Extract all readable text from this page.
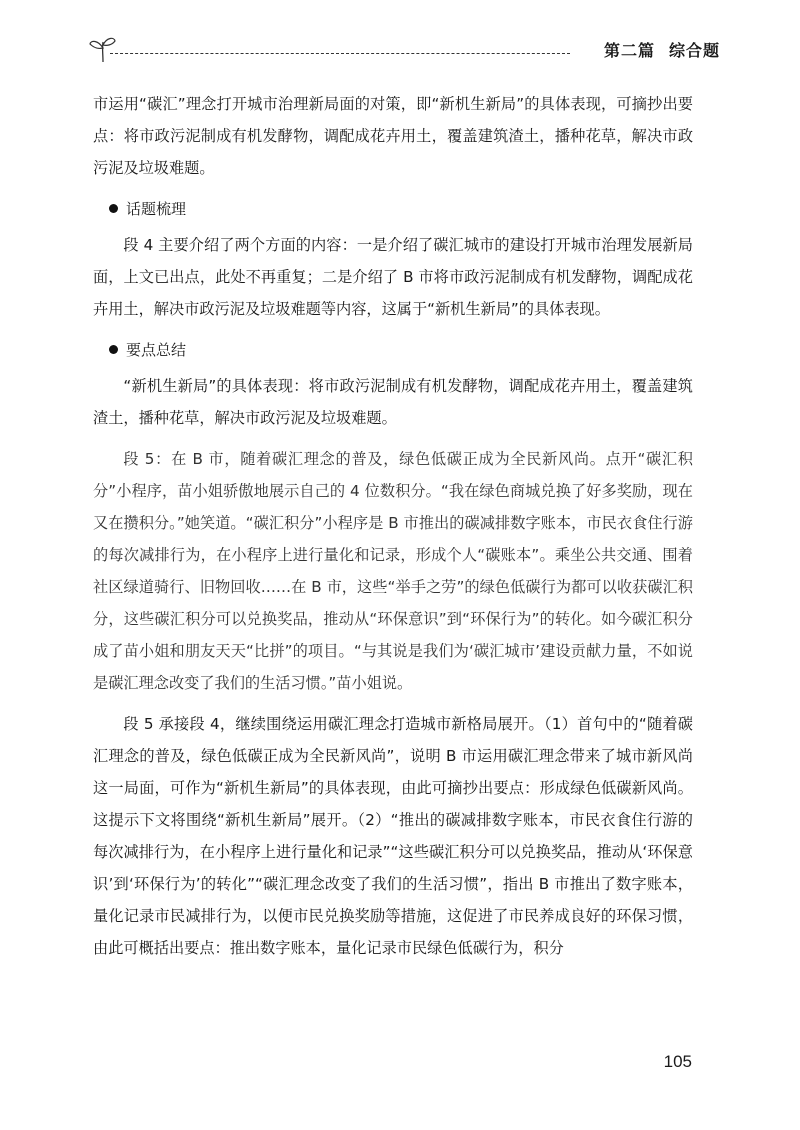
第二篇 综合题

市运用“碳汇”理念打开城市治理新局面的对策，即“新机生新局”的具体表现，可摘抄出要点：将市政污泥制成有机发酵物，调配成花卉用土，覆盖建筑渣土，播种花草，解决市政污泥及垃圾难题。

话题梳理

段 4 主要介绍了两个方面的内容：一是介绍了碳汇城市的建设打开城市治理发展新局面，上文已出点，此处不再重复；二是介绍了 B 市将市政污泥制成有机发酵物，调配成花卉用土，解决市政污泥及垃圾难题等内容，这属于“新机生新局”的具体表现。

要点总结

“新机生新局”的具体表现：将市政污泥制成有机发酵物，调配成花卉用土，覆盖建筑渣土，播种花草，解决市政污泥及垃圾难题。

段 5：在 B 市，随着碳汇理念的普及，绿色低碳正成为全民新风尚。点开“碳汇积分”小程序，苗小姐骄傲地展示自己的 4 位数积分。“我在绿色商城兑换了好多奖励，现在又在攒积分。”她笑道。“碳汇积分”小程序是 B 市推出的碳减排数字账本，市民衣食住行游的每次减排行为，在小程序上进行量化和记录，形成个人“碳账本”。乘坐公共交通、围着社区绿道骑行、旧物回收……在 B 市，这些“举手之劳”的绿色低碳行为都可以收获碳汇积分，这些碳汇积分可以兑换奖品，推动从“环保意识”到“环保行为”的转化。如今碳汇积分成了苗小姐和朋友天天“比拼”的项目。“与其说是我们为‘碳汇城市’建设贡献力量，不如说是碳汇理念改变了我们的生活习惯。”苗小姐说。

段 5 承接段 4，继续围绕运用碳汇理念打造城市新格局展开。（1）首句中的“随着碳汇理念的普及，绿色低碳正成为全民新风尚”，说明 B 市运用碳汇理念带来了城市新风尚这一局面，可作为“新机生新局”的具体表现，由此可摘抄出要点：形成绿色低碳新风尚。这提示下文将围绕“新机生新局”展开。（2）“推出的碳减排数字账本，市民衣食住行游的每次减排行为，在小程序上进行量化和记录”“这些碳汇积分可以兑换奖品，推动从‘环保意识’到‘环保行为’的转化”“碳汇理念改变了我们的生活习惯”，指出 B 市推出了数字账本，量化记录市民减排行为，以便市民兑换奖励等措施，这促进了市民养成良好的环保习惯，由此可概括出要点：推出数字账本，量化记录市民绿色低碳行为，积分

105
